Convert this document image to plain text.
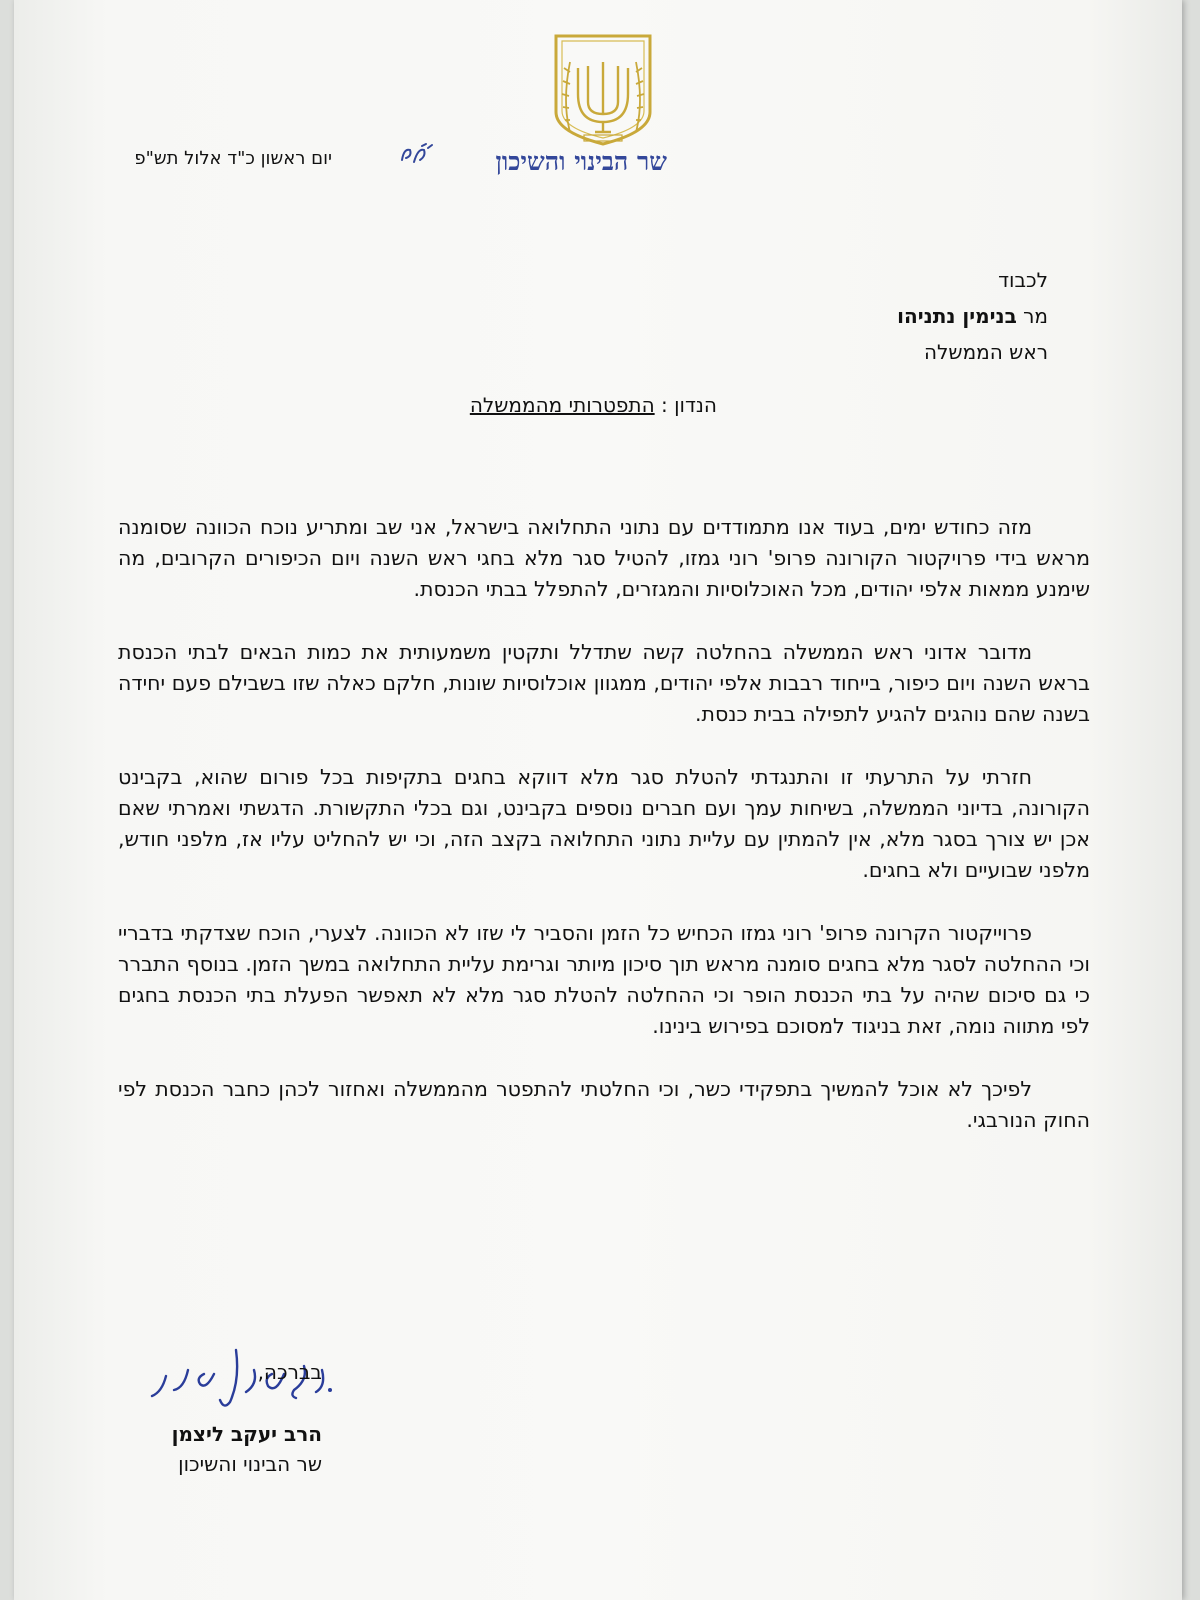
שר הבינוי והשיכון
יום ראשון כ"ד אלול תש"פ
לכבוד
מר בנימין נתניהו
ראש הממשלה
הנדון : התפטרותי מהממשלה

מזה כחודש ימים, בעוד אנו מתמודדים עם נתוני התחלואה בישראל, אני שב ומתריע נוכח הכוונה שסומנה מראש בידי פרויקטור הקורונה פרופ' רוני גמזו, להטיל סגר מלא בחגי ראש השנה ויום הכיפורים הקרובים, מה שימנע ממאות אלפי יהודים, מכל האוכלוסיות והמגזרים, להתפלל בבתי הכנסת.

מדובר אדוני ראש הממשלה בהחלטה קשה שתדלל ותקטין משמעותית את כמות הבאים לבתי הכנסת בראש השנה ויום כיפור, בייחוד רבבות אלפי יהודים, ממגוון אוכלוסיות שונות, חלקם כאלה שזו בשבילם פעם יחידה בשנה שהם נוהגים להגיע לתפילה בבית כנסת.

חזרתי על התרעתי זו והתנגדתי להטלת סגר מלא דווקא בחגים בתקיפות בכל פורום שהוא, בקבינט הקורונה, בדיוני הממשלה, בשיחות עמך ועם חברים נוספים בקבינט, וגם בכלי התקשורת. הדגשתי ואמרתי שאם אכן יש צורך בסגר מלא, אין להמתין עם עליית נתוני התחלואה בקצב הזה, וכי יש להחליט עליו אז, מלפני חודש, מלפני שבועיים ולא בחגים.

פרוייקטור הקרונה פרופ' רוני גמזו הכחיש כל הזמן והסביר לי שזו לא הכוונה. לצערי, הוכח שצדקתי בדבריי וכי ההחלטה לסגר מלא בחגים סומנה מראש תוך סיכון מיותר וגרימת עליית התחלואה במשך הזמן. בנוסף התברר כי גם סיכום שהיה על בתי הכנסת הופר וכי ההחלטה להטלת סגר מלא לא תאפשר הפעלת בתי הכנסת בחגים לפי מתווה נומה, זאת בניגוד למסוכם בפירוש בינינו.

לפיכך לא אוכל להמשיך בתפקידי כשר, וכי החלטתי להתפטר מהממשלה ואחזור לכהן כחבר הכנסת לפי החוק הנורבגי.

בברכה,
הרב יעקב ליצמן
שר הבינוי והשיכון
